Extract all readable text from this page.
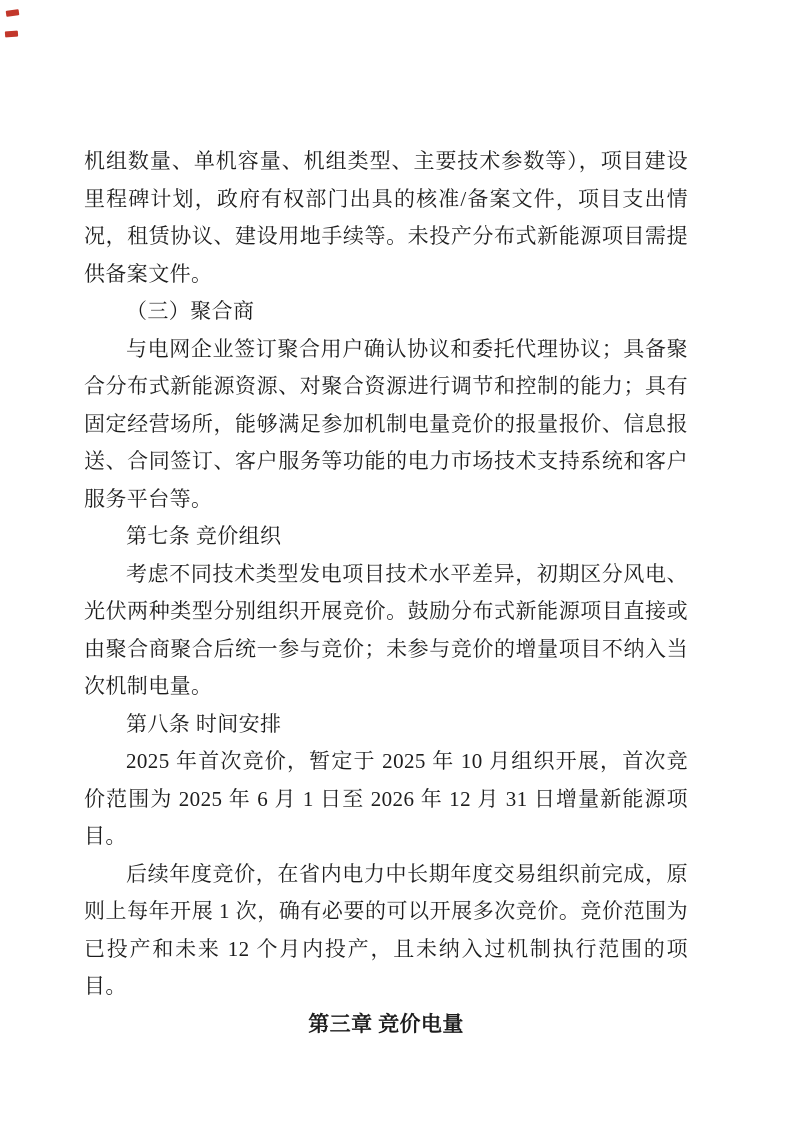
机组数量、单机容量、机组类型、主要技术参数等），项目建设里程碑计划，政府有权部门出具的核准/备案文件，项目支出情况，租赁协议、建设用地手续等。未投产分布式新能源项目需提供备案文件。

（三）聚合商

与电网企业签订聚合用户确认协议和委托代理协议；具备聚合分布式新能源资源、对聚合资源进行调节和控制的能力；具有固定经营场所，能够满足参加机制电量竞价的报量报价、信息报送、合同签订、客户服务等功能的电力市场技术支持系统和客户服务平台等。

第七条 竞价组织

考虑不同技术类型发电项目技术水平差异，初期区分风电、光伏两种类型分别组织开展竞价。鼓励分布式新能源项目直接或由聚合商聚合后统一参与竞价；未参与竞价的增量项目不纳入当次机制电量。

第八条 时间安排

2025 年首次竞价，暂定于 2025 年 10 月组织开展，首次竞价范围为 2025 年 6 月 1 日至 2026 年 12 月 31 日增量新能源项目。

后续年度竞价，在省内电力中长期年度交易组织前完成，原则上每年开展 1 次，确有必要的可以开展多次竞价。竞价范围为已投产和未来 12 个月内投产，且未纳入过机制执行范围的项目。

第三章 竞价电量
